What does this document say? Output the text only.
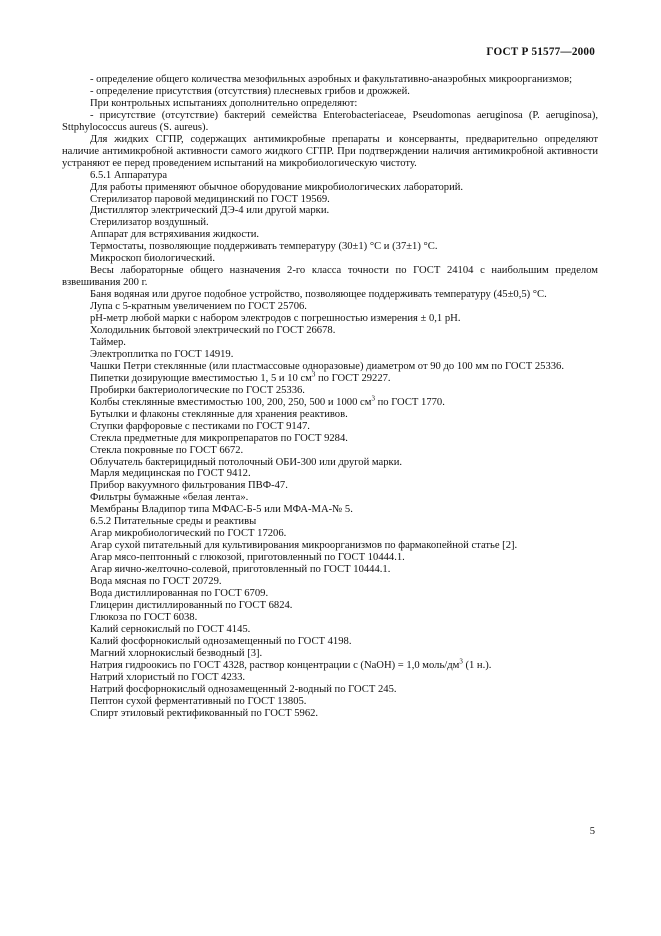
ГОСТ Р 51577—2000

- определение общего количества мезофильных аэробных и факультативно-анаэробных микроорганизмов;

- определение присутствия (отсутствия) плесневых грибов и дрожжей.

При контрольных испытаниях дополнительно определяют:

- присутствие (отсутствие) бактерий семейства Enterobacteriaceae, Pseudomonas aeruginosa (P. aeruginosa), Sttphylococcus aureus (S. aureus).

Для жидких СГПР, содержащих антимикробные препараты и консерванты, предварительно определяют наличие антимикробной активности самого жидкого СГПР. При подтверждении наличия антимикробной активности устраняют ее перед проведением испытаний на микробиологическую чистоту.

6.5.1 Аппаратура

Для работы применяют обычное оборудование микробиологических лабораторий.

Стерилизатор паровой медицинский по ГОСТ 19569.

Дистиллятор электрический ДЭ-4 или другой марки.

Стерилизатор воздушный.

Аппарат для встряхивания жидкости.

Термостаты, позволяющие поддерживать температуру (30±1) °С и (37±1) °С.

Микроскоп биологический.

Весы лабораторные общего назначения 2-го класса точности по ГОСТ 24104 с наибольшим пределом взвешивания 200 г.

Баня водяная или другое подобное устройство, позволяющее поддерживать температуру (45±0,5) °С.

Лупа с 5-кратным увеличением по ГОСТ 25706.

pH-метр любой марки с набором электродов с погрешностью измерения ± 0,1 pH.

Холодильник бытовой электрический по ГОСТ 26678.

Таймер.

Электроплитка по ГОСТ 14919.

Чашки Петри стеклянные (или пластмассовые одноразовые) диаметром от 90 до 100 мм по ГОСТ 25336.

Пипетки дозирующие вместимостью 1, 5 и 10 $см^3$ по ГОСТ 29227.

Пробирки бактериологические по ГОСТ 25336.

Колбы стеклянные вместимостью 100, 200, 250, 500 и 1000 $см^3$ по ГОСТ 1770.

Бутылки и флаконы стеклянные для хранения реактивов.

Ступки фарфоровые с пестиками по ГОСТ 9147.

Стекла предметные для микропрепаратов по ГОСТ 9284.

Стекла покровные по ГОСТ 6672.

Облучатель бактерицидный потолочный ОБИ-300 или другой марки.

Марля медицинская по ГОСТ 9412.

Прибор вакуумного фильтрования ПВФ-47.

Фильтры бумажные «белая лента».

Мембраны Владипор типа МФАС-Б-5 или МФА-МА-№ 5.

6.5.2 Питательные среды и реактивы

Агар микробиологический по ГОСТ 17206.

Агар сухой питательный для культивирования микроорганизмов по фармакопейной статье [2].

Агар мясо-пептонный с глюкозой, приготовленный по ГОСТ 10444.1.

Агар яично-желточно-солевой, приготовленный по ГОСТ 10444.1.

Вода мясная по ГОСТ 20729.

Вода дистиллированная по ГОСТ 6709.

Глицерин дистиллированный по ГОСТ 6824.

Глюкоза по ГОСТ 6038.

Калий сернокислый по ГОСТ 4145.

Калий фосфорнокислый однозамещенный по ГОСТ 4198.

Магний хлорнокислый безводный [3].

Натрия гидроокись по ГОСТ 4328, раствор концентрации с (NaOH) = 1,0 моль/$дм^3$ (1 н.).

Натрий хлористый по ГОСТ 4233.

Натрий фосфорнокислый однозамещенный 2-водный по ГОСТ 245.

Пептон сухой ферментативный по ГОСТ 13805.

Спирт этиловый ректификованный по ГОСТ 5962.

5
